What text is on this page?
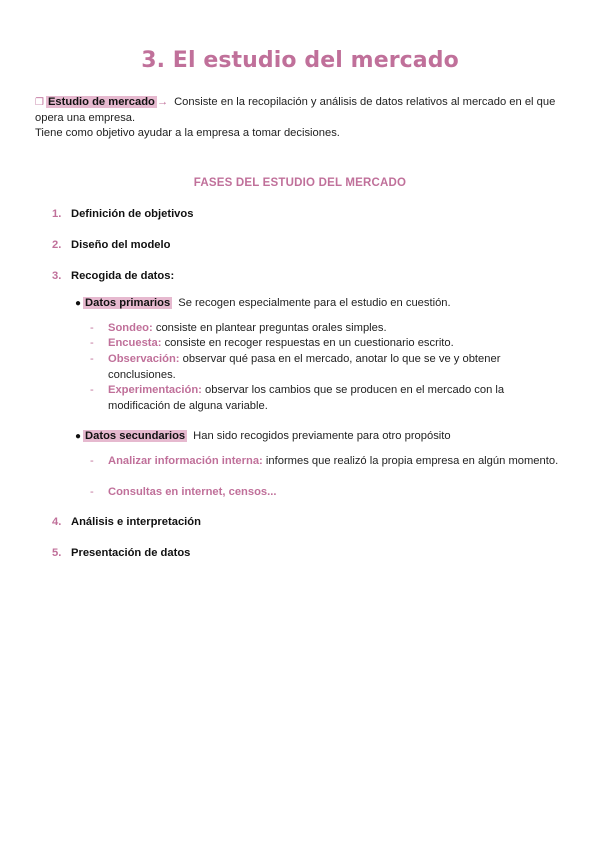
3. El estudio del mercado
❐ Estudio de mercado → Consiste en la recopilación y análisis de datos relativos al mercado en el que opera una empresa.
Tiene como objetivo ayudar a la empresa a tomar decisiones.
FASES DEL ESTUDIO DEL MERCADO
1. Definición de objetivos
2. Diseño del modelo
3. Recogida de datos:
● Datos primarios Se recogen especialmente para el estudio en cuestión.
- Sondeo: consiste en plantear preguntas orales simples.
- Encuesta: consiste en recoger respuestas en un cuestionario escrito.
- Observación: observar qué pasa en el mercado, anotar lo que se ve y obtener conclusiones.
- Experimentación: observar los cambios que se producen en el mercado con la modificación de alguna variable.
● Datos secundarios Han sido recogidos previamente para otro propósito
- Analizar información interna: informes que realizó la propia empresa en algún momento.
- Consultas en internet, censos...
4. Análisis e interpretación
5. Presentación de datos
